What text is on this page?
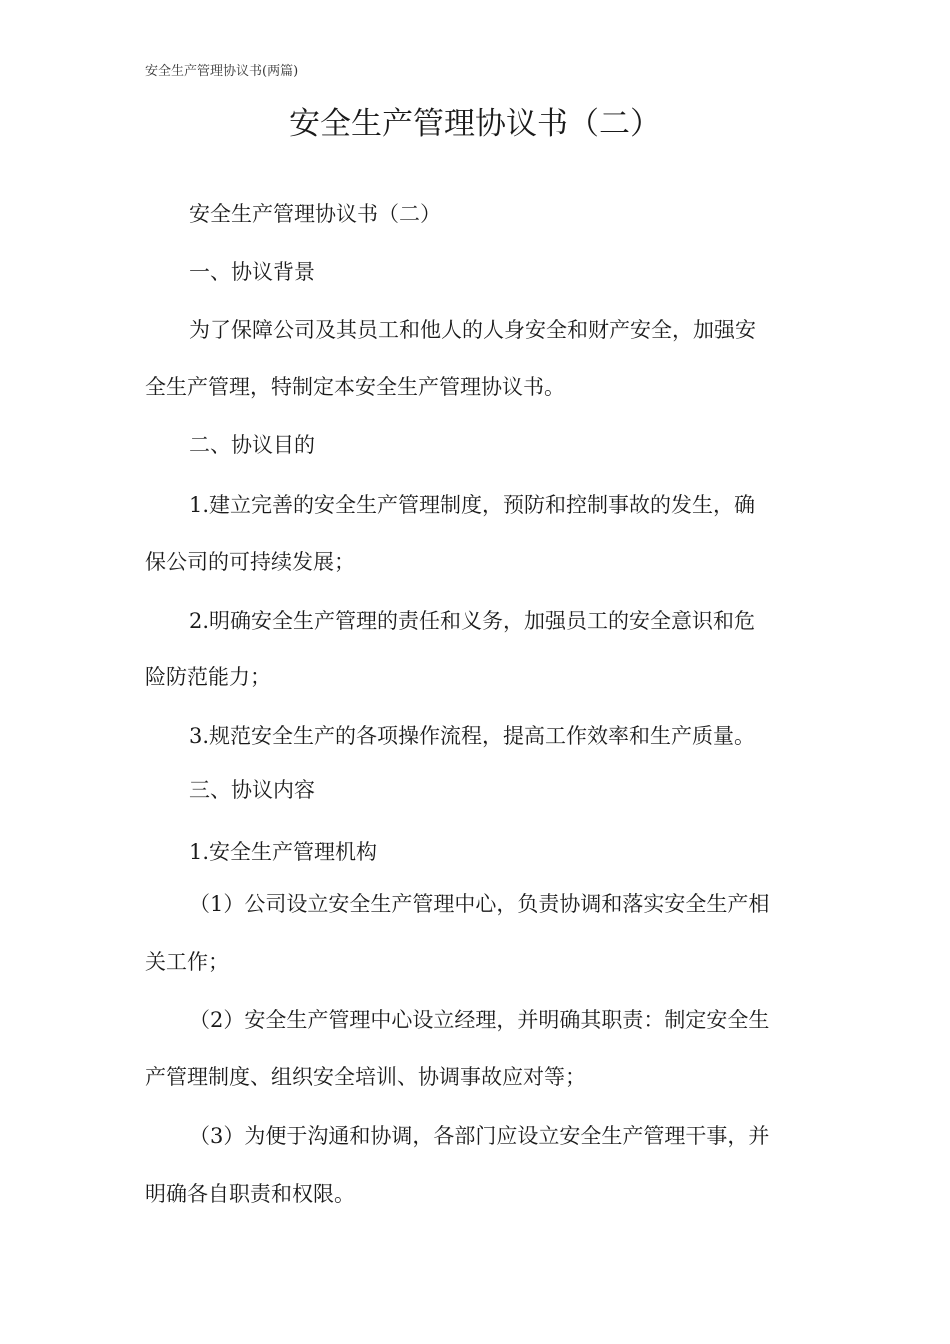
安全生产管理协议书(两篇)
安全生产管理协议书（二）
安全生产管理协议书（二）
一、协议背景
为了保障公司及其员工和他人的人身安全和财产安全，加强安
全生产管理，特制定本安全生产管理协议书。
二、协议目的
1.建立完善的安全生产管理制度，预防和控制事故的发生，确
保公司的可持续发展；
2.明确安全生产管理的责任和义务，加强员工的安全意识和危
险防范能力；
3.规范安全生产的各项操作流程，提高工作效率和生产质量。
三、协议内容
1.安全生产管理机构
（1）公司设立安全生产管理中心，负责协调和落实安全生产相
关工作；
（2）安全生产管理中心设立经理，并明确其职责：制定安全生
产管理制度、组织安全培训、协调事故应对等；
（3）为便于沟通和协调，各部门应设立安全生产管理干事，并
明确各自职责和权限。
